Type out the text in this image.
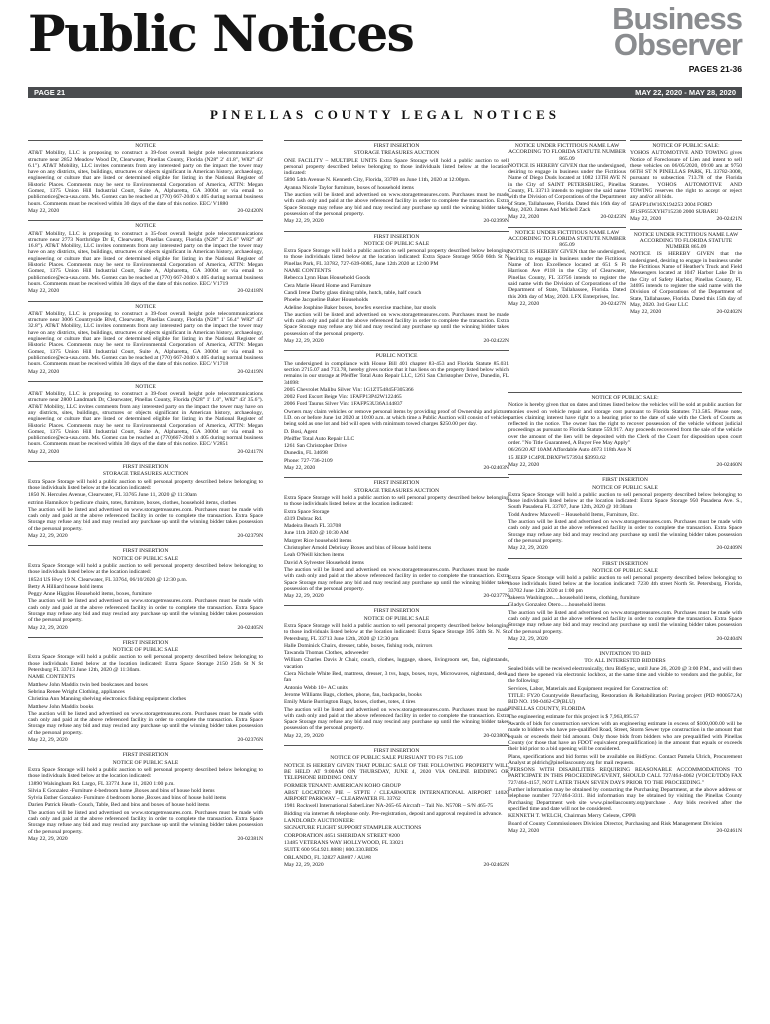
Public Notices	Business
Observer
PAGES 21-36
PAGE 21	MAY 22, 2020 - MAY 28, 2020
PINELLAS COUNTY LEGAL NOTICES
NOTICE

AT&T Mobility, LLC is proposing to construct a 39-foot overall height pole telecommunications structure near 2852 Meadow Wood Dr, Clearwater, Pinellas County, Florida (N28° 2' 41.8", W82° 43' 6.1"). AT&T Mobility, LLC invites comments from any interested party on the impact the tower may have on any districts, sites, buildings, structures or objects significant in American history, archaeology, engineering or culture that are listed or determined eligible for listing in the National Register of Historic Places. Comments may be sent to Environmental Corporation of America, ATTN: Megan Gomez, 1375 Union Hill Industrial Court, Suite A, Alpharetta, GA 30004 or via email to publicnotice@eca-usa.com. Ms. Gomez can be reached at (770) 667-2040 x 405 during normal business hours. Comments must be received within 30 days of the date of this notice. EEC/ V1880

May 22, 2020	20-02420N
NOTICE

AT&T Mobility, LLC is proposing to construct a 35-foot overall height pole telecommunications structure near 2773 Northridge Dr E, Clearwater, Pinellas County, Florida (N28° 2' 25.6" W82° 46' 16.8"). AT&T Mobility, LLC invites comments from any interested party on the impact the tower may have on any districts, sites, buildings, structures or objects significant in American history, archaeology, engineering or culture that are listed or determined eligible for listing in the National Register of Historic Places. Comments may be sent to Environmental Corporation of America, ATTN: Megan Gomez, 1375 Union Hill Industrial Court, Suite A, Alpharetta, GA 30004 or via email to publicnotice@eca-usa.com. Ms. Gomez can be reached at (770) 667-2040 x 405 during normal business hours. Comments must be received within 30 days of the date of this notice. EEC/ V1719

May 22, 2020	20-02418N
NOTICE

AT&T Mobility, LLC is proposing to construct a 39-foot overall height pole telecommunications structure near 3006 Countryside Blvd, Clearwater, Pinellas County, Florida (N28° 1' 56.4" W82° 43' 32.8"). AT&T Mobility, LLC invites comments from any interested party on the impact the tower may have on any districts, sites, buildings, structures or objects significant in American history, archaeology, engineering or culture that are listed or determined eligible for listing in the National Register of Historic Places. Comments may be sent to Environmental Corporation of America, ATTN: Megan Gomez, 1375 Union Hill Industrial Court, Suite A, Alpharetta, GA 30004 or via email to publicnotice@eca-usa.com. Ms. Gomez can be reached at (770) 667-2040 x 405 during normal business hours. Comments must be received within 30 days of the date of this notice. EEC/ V1718

May 22, 2020	20-02419N
NOTICE

AT&T Mobility, LLC is proposing to construct a 39-foot overall height pole telecommunications structure near 2800 Landmark Dr, Clearwater, Pinellas County, Florida (N28° 1' 1.0", W82° 43' 35.6"). AT&T Mobility, LLC invites comments from any interested party on the impact the tower may have on any districts, sites, buildings, structures or objects significant in American history, archaeology, engineering or culture that are listed or determined eligible for listing in the National Register of Historic Places. Comments may be sent to Environmental Corporation of America, ATTN: Megan Gomez, 1375 Union Hill Industrial Court, Suite A, Alpharetta, GA 30004 or via email to publicnotice@eca-usa.com. Ms. Gomez can be reached at (770)667-2040 x 405 during normal business hours. Comments must be received within 30 days of the date of this notice. EEC/ V2851

May 22, 2020	20-02417N
FIRST INSERTION
STORAGE TREASURES AUCTION

Extra Space Storage will hold a public auction to sell personal property described below belonging to those individuals listed below at the location indicated:

1850 N. Hercules Avenue, Clearwater, FL 33765 June 11, 2020 @ 11:30am

eztrinn Hamnikov b pedicure chairs, totes, furniture, boxes, clothes, household items, clothes

The auction will be listed and advertised on www.storagetreasures.com. Purchases must be made with cash only and paid at the above referenced facility in order to complete the transaction. Extra Space Storage may refuse any bid and may rescind any purchase up until the winning bidder takes possession of the personal property.

May 22, 29, 2020	20-02379N
FIRST INSERTION
NOTICE OF PUBLIC SALE

Extra Space Storage will hold a public auction to sell personal property described below belonging to those individuals listed below at the location indicated:

18524 US Hwy 19 N. Clearwater, FL 33764, 06/10/2020 @ 12:30 p.m.

Betty A Hilliard house hold items

Peggy Anne Higgins Household items, boxes, furniture

The auction will be listed and advertised on www.storagetreasures.com. Purchases must be made with cash only and paid at the above referenced facility in order to complete the transaction. Extra Space Storage may refuse any bid and may rescind any purchase up until the winning bidder takes possession of the personal property.

May 22, 29, 2020	20-02405N
FIRST INSERTION
NOTICE OF PUBLIC SALE

Extra Space Storage will hold a public auction to sell personal property described below belonging to those individuals listed below at the location indicated: Extra Space Storage 2150 25th St N St Petersburg FL 33713 June 12th, 2020 @ 11:30am.

NAME CONTENTS

Matthew John Maddix twin bed bookcases and boxes

Sebrina Renee Wright Clothing, appliances

Christina Ann Manning shelving electronics fishing equipment clothes

Matthew John Maddix books

The auction will be listed and advertised on www.storagetreasures.com. Purchases must be made with cash only and paid at the above referenced facility in order to complete the transaction. Extra Space Storage may refuse any bid and may rescind any purchase up until the winning bidder takes possession of the personal property.

May 22, 29, 2020	20-02376N
FIRST INSERTION
NOTICE OF PUBLIC SALE

Extra Space Storage will hold a public auction to sell personal property described below belonging to those individuals listed below at the location indicated:

13890 Walsingham Rd. Largo, FL 33774 June 11, 2020 1:00 p.m.

Silvia E Gonzalez -Furniture 4-bedroom home ,Boxes and bins of house hold items

Sylvia Esther Gonzalez- Furniture 4 bedroom home ,Boxes and bins of house hold items

Darien Patrick Heath- Couch, Table, Bed and bins and boxes of house hold items

The auction will be listed and advertised on www.storagetreasures.com. Purchases must be made with cash only and paid at the above referenced facility in order to complete the transaction. Extra Space Storage may refuse any bid and may rescind any purchase up until the winning bidder takes possession of the personal property.

May 22, 29, 2020	20-02381N
FIRST INSERTION
STORAGE TREASURES AUCTION

ONE FACILITY – MULTIPLE UNITS Extra Space Storage will hold a public auction to sell personal property described below belonging to those individuals listed below at the location indicated:

5890 54th Avenue N. Kenneth City, Florida, 33709 on June 11th, 2020 at 12:00pm.

Ayanna Nicole Taylor furniture, boxes of household items

The auction will be listed and advertised on www.storagetreasures.com. Purchases must be made with cash only and paid at the above referenced facility in order to complete the transaction. Extra Space Storage may refuse any bid and may rescind any purchase up until the winning bidder takes possession of the personal property.

May 22, 29, 2020	20-02399N
FIRST INSERTION
NOTICE OF PUBLIC SALE

Extra Space Storage will hold a public auction to sell personal property described below belonging to those individuals listed below at the location indicated: Extra Space Storage 9050 66th St N Pinellas Park, FL 33782, 727-639-8085, June 12th 2020 at 12:00 PM

NAME CONTENTS

Rebecca Lynn Haas Household Goods

Cera Marie Heard Home and Furniture

Candi Irene Darby glass dining table, hutch, table, half couch

Phoebe Jacqueline Baker Households

Adeline Josphine Baker boxes, bowfex exercise machine, bar stools

The auction will be listed and advertised on www.storagetreasures.com. Purchases must be made with cash only and paid at the above referenced facility in order to complete the transaction. Extra Space Storage may refuse any bid and may rescind any purchase up until the winning bidder takes possession of the personal property.

May 22, 29, 2020	20-02422N
PUBLIC NOTICE

The undersigned in compliance with House Bill 401 chapter 83-453 and Florida Statute 85.031 section 2715.07 and 713.78, hereby gives notice that it has liens on the property listed below which remains in our storage at Pfeiffer Total Auto Repair LLC, 1261 San Christopher Drive, Dunedin, FL 34698:

2005 Chevrolet Malibu Silver Vin: 1G1ZT54845F305366

2002 Ford Escort Beige Vin: 1FAFP13P42W122465

2006 Ford Taurus Silver Vin: 1FAFP53U36A144837

Owners may claim vehicles or remove personal items by providing proof of Ownership and picture I.D. on or before June 1st 2020 at 10:00 a.m. at which time a Public Auction will consist of vehicles being sold as one lot and bid will open with minimum towed charges $250.00 per day.

D. Bosi, Agent

Pfeiffer Total Auto Repair LLC

1261 San Christopher Drive

Dunedin, FL 34698

Phone: 727-736-2109

May 22, 2020	20-02403N
FIRST INSERTION
STORAGE TREASURES AUCTION

Extra Space Storage will hold a public auction to sell personal property described below belonging to those individuals listed below at the location indicated:

Extra Space Storage

4319 Dubrac Rd.

Madeira Beach FL 33708

June 11th 2020 @ 10:30 AM

Margret Rice household items

Christopher Arnold Debrisay Boxes and bins of House hold items

Leah O'Neill kitchen items

David A Sylvester Household items

The auction will be listed and advertised on www.storagetreasures.com. Purchases must be made with cash only and paid at the above referenced facility in order to complete the transaction. Extra Space Storage may refuse any bid and may rescind any purchase up until the winning bidder takes possession of the personal property.

May 22, 29, 2020	20-02377N
FIRST INSERTION
NOTICE OF PUBLIC SALE

Extra Space Storage will hold a public auction to sell personal property described below belonging to those individuals listed below at the location indicated: Extra Space Storage 395 34th St. N. St. Petersburg, FL 33713 June 12th, 2020 @ 12:30 pm

Halle Dominick Chairs, dresser, table, boxes, fishing rods, mirrors

Tawanda Thomas Clothes, adsweeder

William Charles Davis Jr Chair, couch, clothes, luggage, shoes, livingroom set, fan, nightstands, vacation

Ciera Nichole White Bed, mattress, dresser, 3 tvs, bags, boxes, toys, Microwaves, nightstand, desk, fan

Antonio Webb 10+ AC units

Jerome Williams Bags, clothes, phone, fan, backpacks, books

Emily Marie Burrington Bags, boxes, clothes, totes, 4 tires

The auction will be listed and advertised on www.storagetreasures.com. Purchases must be made with cash only and paid at the above referenced facility in order to complete the transaction. Extra Space Storage may refuse any bid and may rescind any purchase up until the winning bidder takes possession of the personal property.

May 22, 29, 2020	20-02380N
FIRST INSERTION
NOTICE OF PUBLIC SALE PURSUANT TO FS 715.109

NOTICE IS HEREBY GIVEN THAT PUBLIC SALE OF THE FOLLOWING PROPERTY WILL BE HELD AT 9:00AM ON THURSDAY, JUNE 4, 2020 VIA ONLINE BIDDING OR TELEPHONE BIDDING ONLY

FORMER TENANT: AMERICAN KOHO GROUP

ABST LOCATION: PIE – STPTE / CLEARWATER INTERNATIONAL AIRPORT 14020 AIRPORT PARKWAY – CLEARWATER FL 33762

1981 Rockwell International SaberLiner NA-265-65 Aircraft – Tail No. N570R – S/N 465-75

Bidding via internet & telephone only. Pre-registration, deposit and approval required in advance.

LANDLORD: AUCTIONEER:

SIGNATURE FLIGHT SUPPORT STAMPLER AUCTIONS

CORPORATION 4651 SHERIDAN STREET #200

13485 VETERANS WAY HOLLYWOOD, FL 33021

SUITE 600 954.921.8888 | 800.330.BIDS

ORLANDO, FL 32827 AB#87 / AU#8

May 22, 29, 2020	20-02462N
NOTICE UNDER FICTITIOUS NAME LAW ACCORDING TO FLORIDA STATUTE NUMBER 865.09

NOTICE IS HEREBY GIVEN that the undersigned, desiring to engage in business under the Fictitious Name of Diego Duds located at 1082 13TH AVE N in the City of SAINT PETERSBURG, Pinellas County, FL 33713 intends to register the said name with the Division of Corporations of the Department of State, Tallahassee, Florida. Dated this 16th day of May, 2020. James And Michell Zack

May 22, 2020	20-02423N
NOTICE UNDER FICTITIOUS NAME LAW ACCORDING TO FLORIDA STATUTE NUMBER 865.09

NOTICE IS HEREBY GIVEN that the undersigned, desiring to engage in business under the Fictitious Name of Iron Excellence located at 651 S Ft Harrison Ave #118 in the City of Clearwater, Pinellas County, FL 33756 intends to register the said name with the Division of Corporations of the Department of State, Tallahassee, Florida. Dated this 20th day of May, 2020. LFX Enterprises, Inc.

May 22, 2020	20-02427N
NOTICE OF PUBLIC SALE:

YOHOS AUTOMOTIVE AND TOWING gives Notice of Foreclosure of Lien and intent to sell these vehicles on 06/05/2020, 09:00 am at 9750 66TH ST N PINELLAS PARK, FL 33782-3008, pursuant to subsection 713.78 of the Florida Statutes. YOHOS AUTOMOTIVE AND TOWING reserves the right to accept or reject any and/or all bids.

5FAFP14W16X194253 2004 FORD

JF1SF655XYH715230 2000 SUBARU

May 22, 2020	20-02421N
NOTICE UNDER FICTITIOUS NAME LAW ACCORDING TO FLORIDA STATUTE NUMBER 865.09

NOTICE IS HEREBY GIVEN that the undersigned, desiring to engage in business under the Fictitious Name of Heather's Truck and Field Messengers located at 1047 Harbor Lake Dr in the City of Safety Harbor, Pinellas County, FL 34695 intends to register the said name with the Division of Corporations of the Department of State, Tallahassee, Florida. Dated this 15th day of May, 2020. 3rd Gear LLC

May 22, 2020	20-02402N
NOTICE OF PUBLIC SALE:

Notice is hereby given that on dates and times listed below the vehicles will be sold at public auction for monies owed on vehicle repair and storage cost pursuant to Florida Statutes 713.585. Please note, parties claiming interest have right to a hearing prior to the date of sale with the Clerk of Courts as reflected in the notice. The owner has the right to recover possession of the vehicle without judicial proceedings as pursuant to Florida Statute 559.917. Any proceeds recovered from the sale of the vehicle over the amount of the lien will be deposited with the Clerk of the Court for disposition upon court order. "No Title Guaranteed, A Buyer Fee May Apply"

06/26/20 AT 10AM Affordable Auto 4673 118th Ave N

15 JEEP 1C4PJLDBXFW573934 $3993.62

May 22, 2020	20-02460N
FIRST INSERTION
NOTICE OF PUBLIC SALE

Extra Space Storage will hold a public auction to sell personal property described below belonging to those individuals listed below at the location indicated: Extra Space Storage 950 Pasadena Ave. S., South Pasadena FL 33707, June 12th, 2020 @ 10:30am

Todd Andrew Maxwell – Household Items, Furniture, Etc.

The auction will be listed and advertised on www.storagetreasures.com. Purchases must be made with cash only and paid at the above referenced facility in order to complete the transaction. Extra Space Storage may refuse any bid and may rescind any purchase up until the winning bidder takes possession of the personal property.

May 22, 29, 2020	20-02409N
FIRST INSERTION
NOTICE OF PUBLIC SALE

Extra Space Storage will hold a public auction to sell personal property described below belonging to those individuals listed below at the location indicated: 7230 4th street North St. Petersburg, Florida, 33702 June 12th 2020 at 1:00 pm

Jakeera Washington.....household items, clothing, furniture

Gladys Gonzalez Otero......household items

The auction will be listed and advertised on www.storagetreasures.com. Purchases must be made with cash only and paid at the above referenced facility in order to complete the transaction. Extra Space Storage may refuse any bid and may rescind any purchase up until the winning bidder takes possession of the personal property.

May 22, 29, 2020	20-02404N
INVITATION TO BID
TO: ALL INTERESTED BIDDERS

Sealed bids will be received electronically, thru BidSync, until June 26, 2020 @ 3:00 P.M., and will then and there be opened via electronic lockbox, at the same time and visible to vendors and the public, for the following:

Services, Labor, Materials and Equipment required for Construction of:

TITLE: FY20 Countywide Resurfacing, Restoration & Rehabilitation Paving project (PID #000572A) BID NO. 190-0462-CP(BLU)

PINELLAS COUNTY, FLORIDA

The engineering estimate for this project is $ 7,963,895.57

Awards of bids for construction services with an engineering estimate in excess of $100,000.00 will be made to bidders who have pre-qualified Road, Street, Storm Sewer type construction in the amount that equals or exceeds their bid amount. Only those bids from bidders who are prequalified with Pinellas County (or those that have an FDOT equivalent prequalification) in the amount that equals or exceeds their bid prior to a bid opening will be considered.

Plans, specifications and bid forms will be available on BidSync. Contact Pamela Ulrich, Procurement Analyst at pldrich@pinellascounty.org for mail requests.

"PERSONS WITH DISABILITIES REQUIRING REASONABLE ACCOMMODATIONS TO PARTICIPATE IN THIS PROCEEDING/EVENT, SHOULD CALL 727/464-4062 (VOICE/TDD) FAX 727/464-4157, NOT LATER THAN SEVEN DAYS PRIOR TO THE PROCEEDING."

Further information may be obtained by contacting the Purchasing Department, at the above address or telephone number 727/464-3311. Bid information may be obtained by visiting the Pinellas County Purchasing Department web site www.pinellascounty.org/purchase . Any bids received after the specified time and date will not be considered.

KENNETH T. WELCH, Chairman Merry Celeste, CPPB

Board of County Commissioners Division Director, Purchasing and Risk Management Division

May 22, 2020	20-02461N
